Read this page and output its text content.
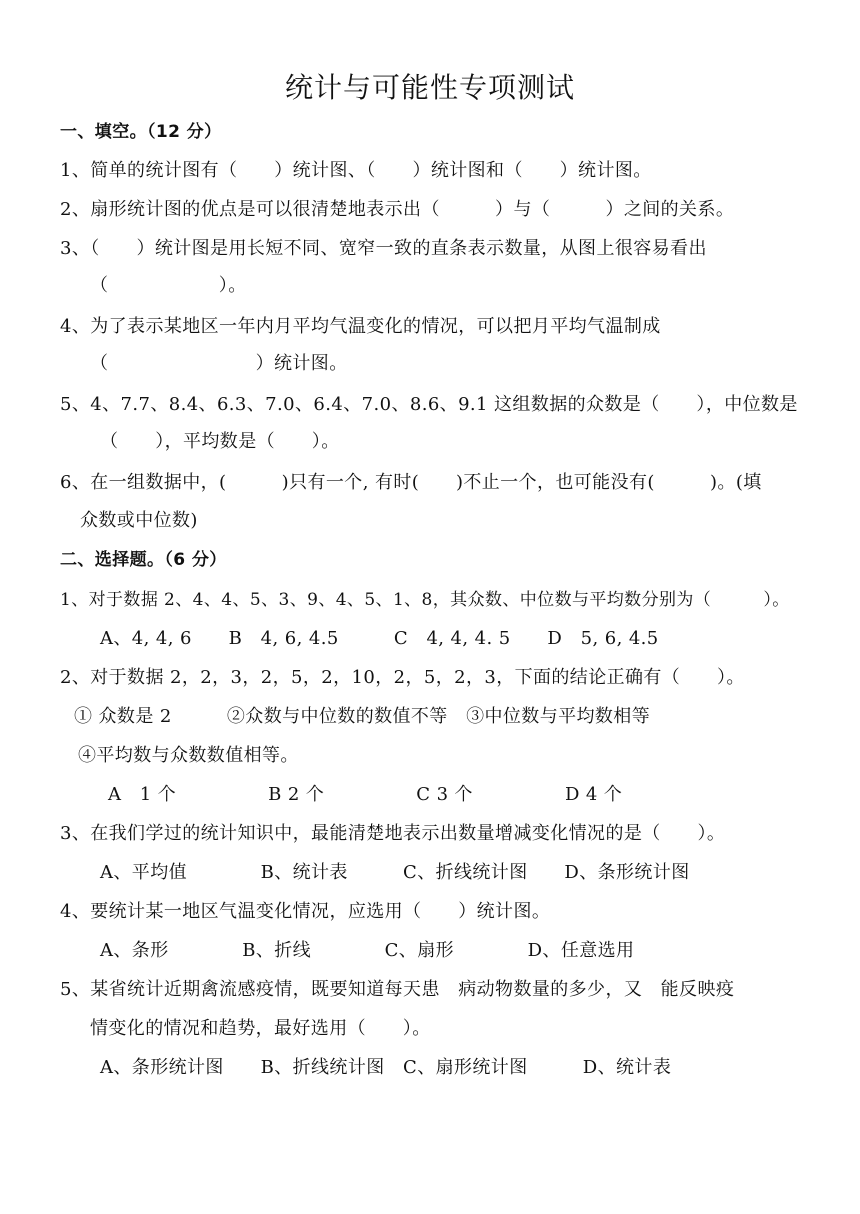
统计与可能性专项测试
一、填空。（12 分）
1、简单的统计图有（　　）统计图、（　　）统计图和（　　）统计图。
2、扇形统计图的优点是可以很清楚地表示出（　　　）与（　　　）之间的关系。
3、（　　）统计图是用长短不同、宽窄一致的直条表示数量，从图上很容易看出
（　　　　　　）。
4、为了表示某地区一年内月平均气温变化的情况，可以把月平均气温制成
（　　　　　　　　）统计图。
5、4、7.7、8.4、6.3、7.0、6.4、7.0、8.6、9.1 这组数据的众数是（　　），中位数是
（　　），平均数是（　　）。
6、在一组数据中，(　　　)只有一个, 有时(　　)不止一个，也可能没有(　　　)。(填
众数或中位数)
二、选择题。（6 分）
1、对于数据 2、4、4、5、3、9、4、5、1、8，其众数、中位数与平均数分别为（　　　）。
A、4, 4, 6　　B　4, 6, 4.5　　　C　4, 4, 4. 5　　D　5, 6, 4.5
2、对于数据 2，2，3，2，5，2，10，2，5，2，3，下面的结论正确有（　　）。
① 众数是 2　　　②众数与中位数的数值不等　③中位数与平均数相等
④平均数与众数数值相等。
A　1 个　　　　　B 2 个　　　　　C 3 个　　　　　D 4 个
3、在我们学过的统计知识中，最能清楚地表示出数量增减变化情况的是（　　）。
A、平均值　　　　B、统计表　　　C、折线统计图　　D、条形统计图
4、要统计某一地区气温变化情况，应选用（　　）统计图。
A、条形　　　　B、折线　　　　C、扇形　　　　D、任意选用
5、某省统计近期禽流感疫情，既要知道每天患　病动物数量的多少，又　能反映疫
情变化的情况和趋势，最好选用（　　）。
A、条形统计图　　B、折线统计图　C、扇形统计图　　　D、统计表
